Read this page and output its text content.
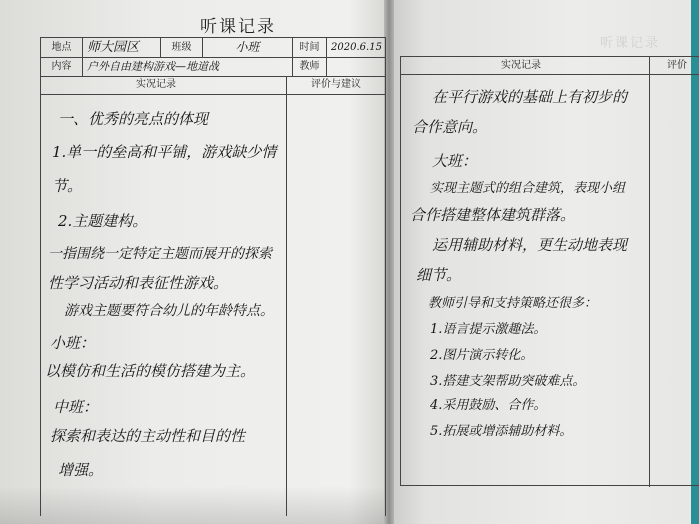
听课记录
听课记录
地点	师大园区	班级	小班	时间	2020.6.15
内容	户外自由建构游戏—地道战	教师
实况记录	评价与建议
一、优秀的亮点的体现
1.单一的垒高和平铺，游戏缺少情
节。
2.主题建构。
一指围绕一定特定主题而展开的探索
性学习活动和表征性游戏。
游戏主题要符合幼儿的年龄特点。
小班：
以模仿和生活的模仿搭建为主。
中班：
探索和表达的主动性和目的性
增强。
实况记录	评价
在平行游戏的基础上有初步的
合作意向。
大班：
实现主题式的组合建筑，表现小组
合作搭建整体建筑群落。
运用辅助材料，更生动地表现
细节。
教师引导和支持策略还很多：
1.语言提示激趣法。
2.图片演示转化。
3.搭建支架帮助突破难点。
4.采用鼓励、合作。
5.拓展或增添辅助材料。
